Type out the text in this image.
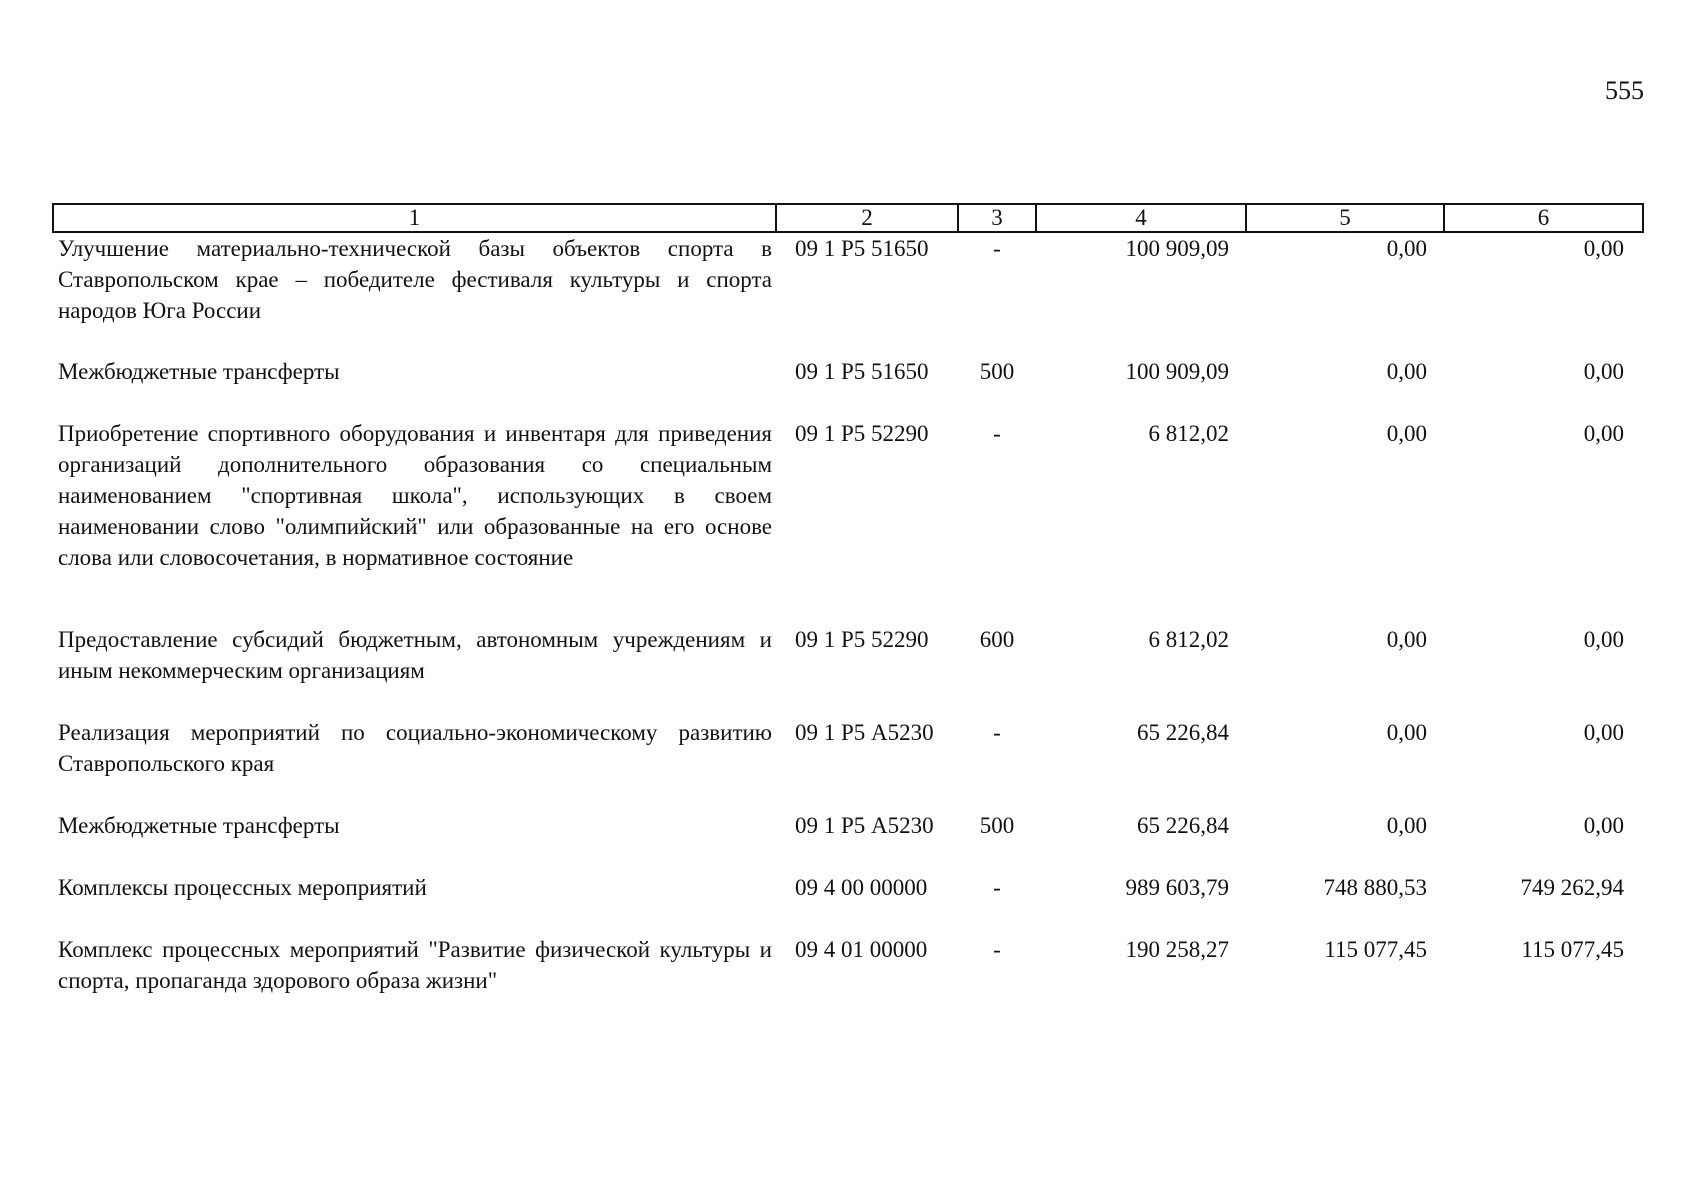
555
1	2	3	4	5	6
Улучшение материально-технической базы объектов спорта в Ставропольском крае – победителе фестиваля культуры и спорта народов Юга России	09 1 Р5 51650	-	100 909,09	0,00	0,00
Межбюджетные трансферты	09 1 Р5 51650	500	100 909,09	0,00	0,00
Приобретение спортивного оборудования и инвентаря для приведения организаций дополнительного образования со специальным наименованием "спортивная школа", использующих в своем наименовании слово "олимпийский" или образованные на его основе слова или словосочетания, в нормативное состояние	09 1 Р5 52290	-	6 812,02	0,00	0,00
Предоставление субсидий бюджетным, автономным учреждениям и иным некоммерческим организациям	09 1 Р5 52290	600	6 812,02	0,00	0,00
Реализация мероприятий по социально-экономическому развитию Ставропольского края	09 1 Р5 А5230	-	65 226,84	0,00	0,00
Межбюджетные трансферты	09 1 Р5 А5230	500	65 226,84	0,00	0,00
Комплексы процессных мероприятий	09 4 00 00000	-	989 603,79	748 880,53	749 262,94
Комплекс процессных мероприятий "Развитие физической культуры и спорта, пропаганда здорового образа жизни"	09 4 01 00000	-	190 258,27	115 077,45	115 077,45
